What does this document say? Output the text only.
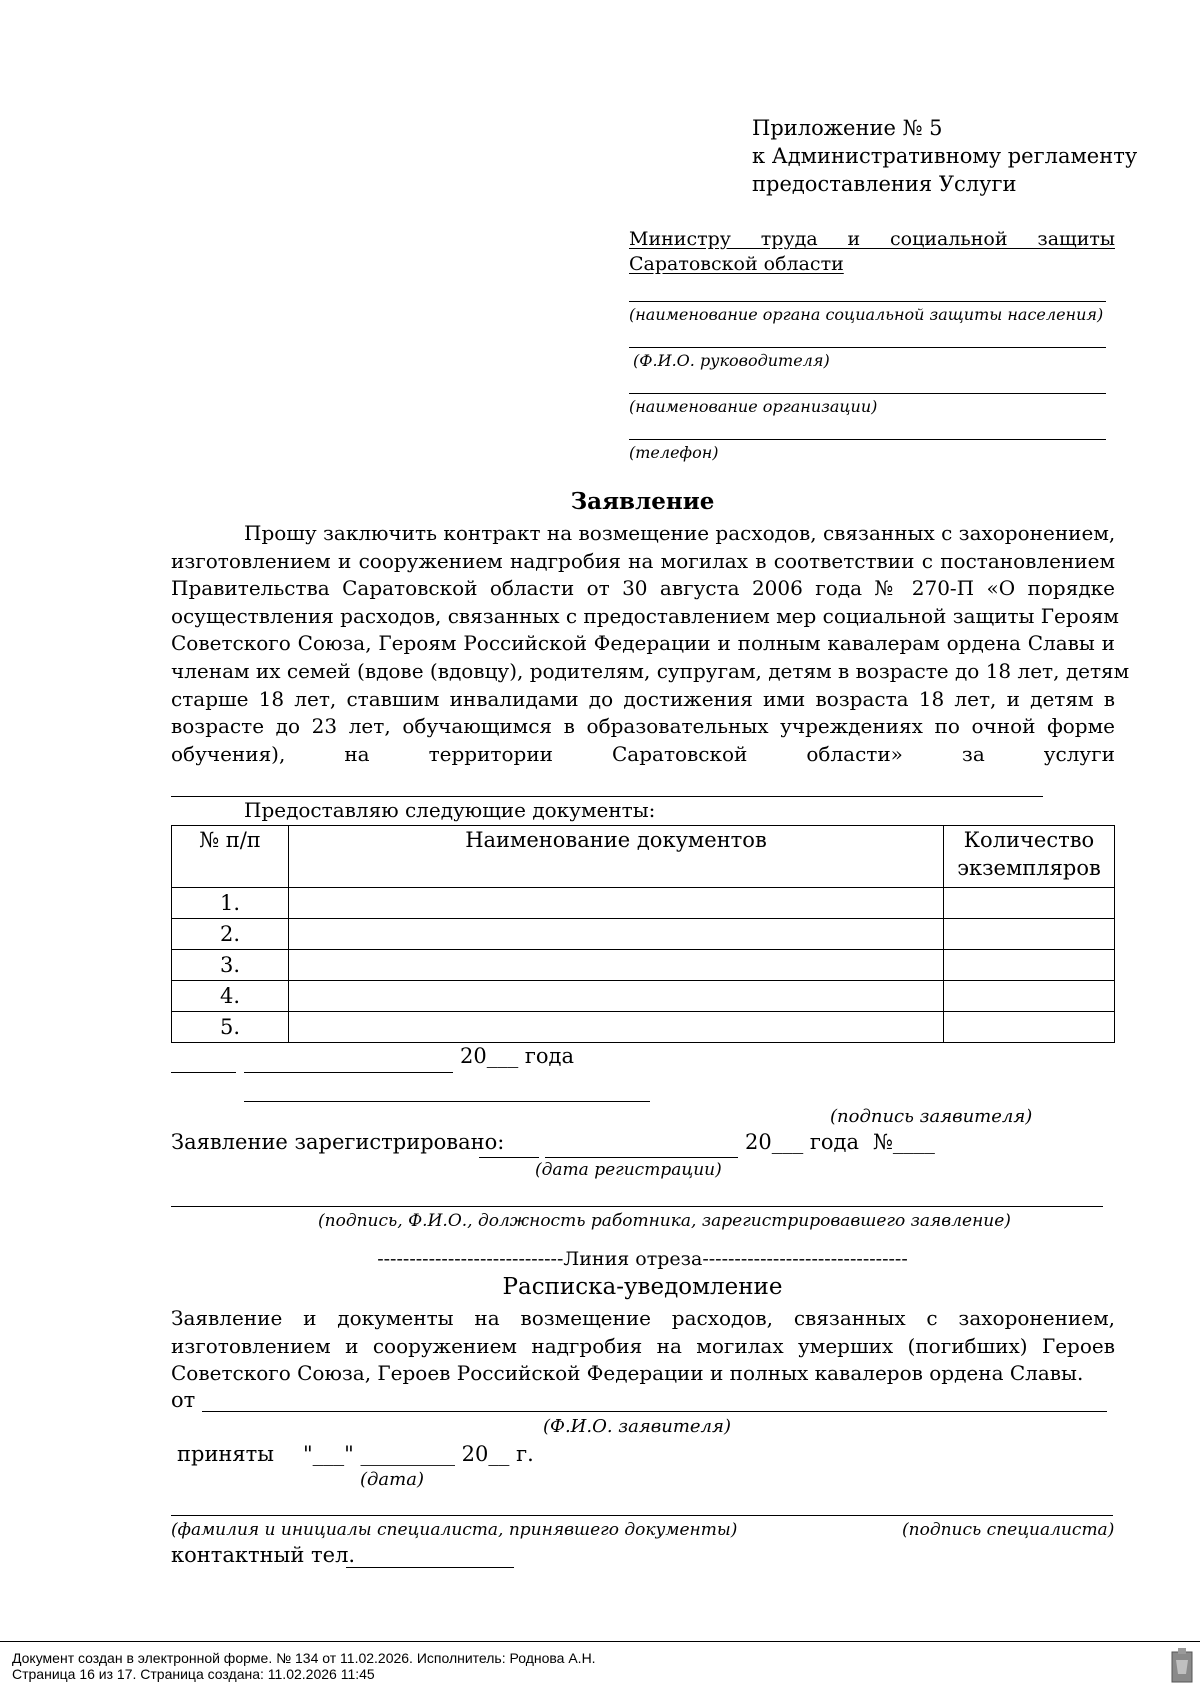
Приложение № 5
к Административному регламенту
предоставления Услуги
Министру труда и социальной защиты
Саратовской области
(наименование органа социальной защиты населения)
(Ф.И.О. руководителя)
(наименование организации)
(телефон)
Заявление
Прошу заключить контракт на возмещение расходов, связанных с захоронением,
изготовлением и сооружением надгробия на могилах в соответствии с постановлением
Правительства Саратовской области от 30 августа 2006 года № 270-П «О порядке
осуществления расходов, связанных с предоставлением мер социальной защиты Героям
Советского Союза, Героям Российской Федерации и полным кавалерам ордена Славы и
членам их семей (вдове (вдовцу), родителям, супругам, детям в возрасте до 18 лет, детям
старше 18 лет, ставшим инвалидами до достижения ими возраста 18 лет, и детям в
возрасте до 23 лет, обучающимся в образовательных учреждениях по очной форме
обучения), на территории Саратовской области» за услуги
Предоставляю следующие документы:
№ п/п	Наименование документов	Количество экземпляров
1.		
2.		
3.		
4.		
5.		
20___ года
(подпись заявителя)
Заявление зарегистрировано:	20___ года №____
(дата регистрации)
(подпись, Ф.И.О., должность работника, зарегистрировавшего заявление)
-----------------------------Линия отреза--------------------------------
Расписка-уведомление
Заявление и документы на возмещение расходов, связанных с захоронением,
изготовлением и сооружением надгробия на могилах умерших (погибших) Героев
Советского Союза, Героев Российской Федерации и полных кавалеров ордена Славы.
от
(Ф.И.О. заявителя)
приняты "___" _________ 20__ г.
(дата)
(фамилия и инициалы специалиста, принявшего документы)	(подпись специалиста)
контактный тел.
Документ создан в электронной форме. № 134 от 11.02.2026. Исполнитель: Роднова А.Н.
Страница 16 из 17. Страница создана: 11.02.2026 11:45
